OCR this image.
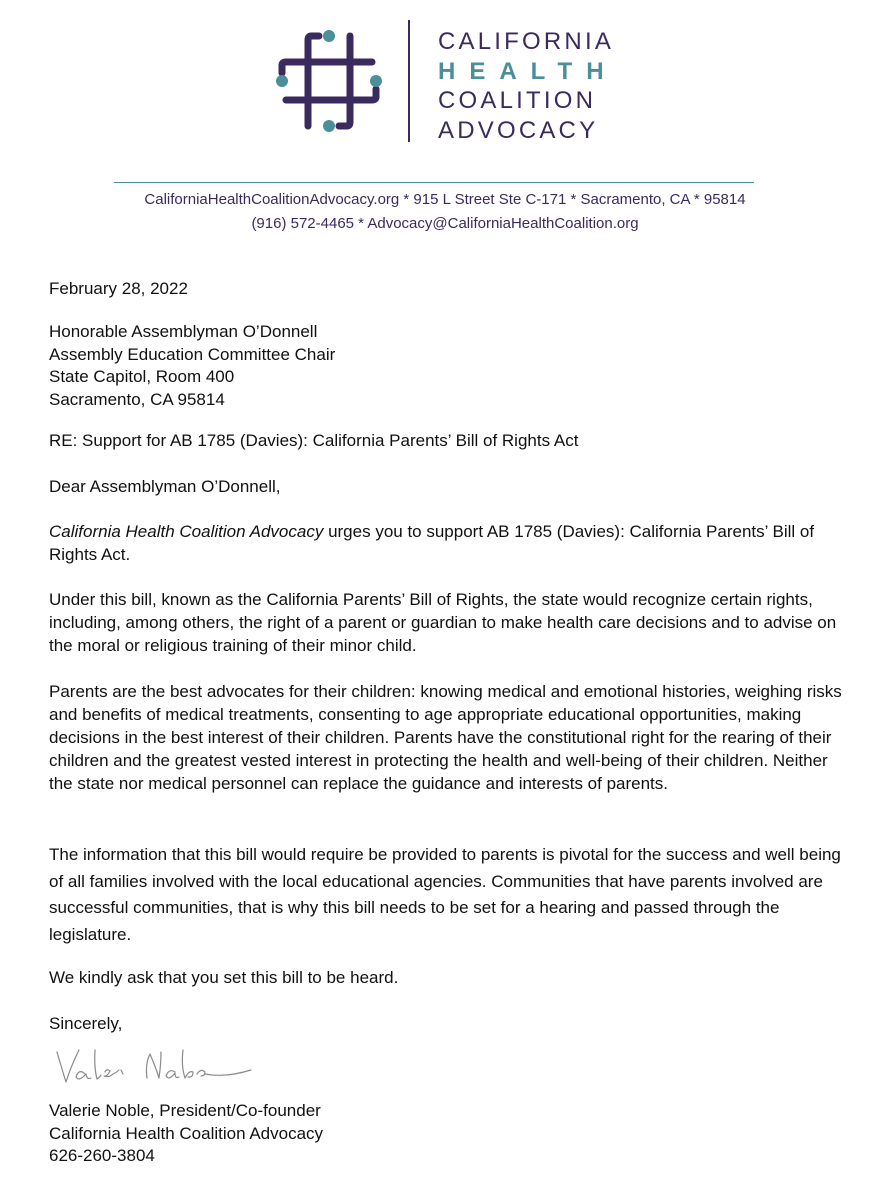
CALIFORNIA
HEALTH
COALITION
ADVOCACY
CaliforniaHealthCoalitionAdvocacy.org * 915 L Street Ste C-171 * Sacramento, CA * 95814
(916) 572-4465 * Advocacy@CaliforniaHealthCoalition.org
February 28, 2022

Honorable Assemblyman O’Donnell

Assembly Education Committee Chair

State Capitol, Room 400

Sacramento, CA 95814

RE: Support for AB 1785 (Davies): California Parents’ Bill of Rights Act
Dear Assemblyman O’Donnell,

California Health Coalition Advocacy urges you to support AB 1785 (Davies): California Parents’ Bill of Rights Act.

Under this bill, known as the California Parents’ Bill of Rights, the state would recognize certain rights, including, among others, the right of a parent or guardian to make health care decisions and to advise on the moral or religious training of their minor child.

Parents are the best advocates for their children: knowing medical and emotional histories, weighing risks and benefits of medical treatments, consenting to age appropriate educational opportunities, making decisions in the best interest of their children. Parents have the constitutional right for the rearing of their children and the greatest vested interest in protecting the health and well-being of their children. Neither the state nor medical personnel can replace the guidance and interests of parents.

The information that this bill would require be provided to parents is pivotal for the success and well being of all families involved with the local educational agencies. Communities that have parents involved are successful communities, that is why this bill needs to be set for a hearing and passed through the legislature.

We kindly ask that you set this bill to be heard.
Sincerely,

Valerie Noble, President/Co-founder

California Health Coalition Advocacy

626-260-3804
